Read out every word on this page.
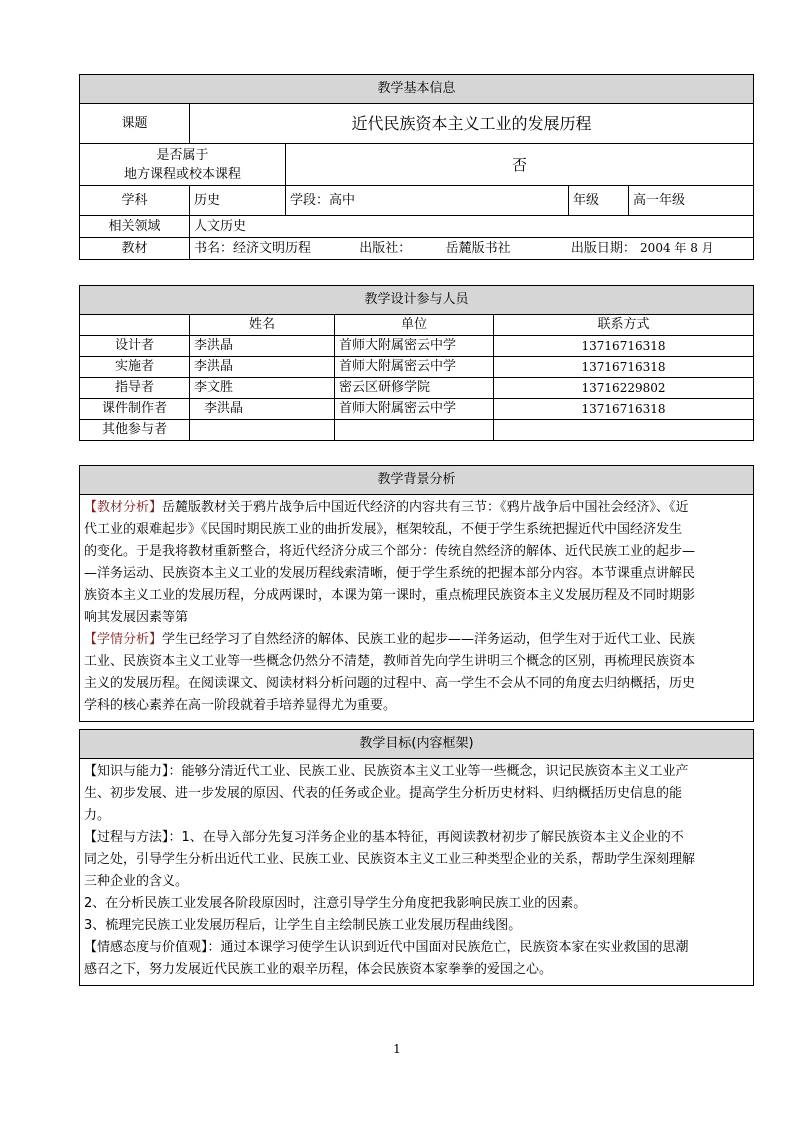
教学基本信息				
课题	近代民族资本主义工业的发展历程			

是否属于
地方课程或校本课程		否		
学科	历史	学段：高中	年级	高一年级
相关领域	人文历史			
教材	书名：经济文明历程 出版社： 岳麓版书社 出版日期： 2004 年 8 月			
教学设计参与人员			
	姓名	单位	联系方式
设计者	李洪晶	首师大附属密云中学	13716716318
实施者	李洪晶	首师大附属密云中学	13716716318
指导者	李文胜	密云区研修学院	13716229802
课件制作者	李洪晶	首师大附属密云中学	13716716318
其他参与者			
教学背景分析

【教材分析】岳麓版教材关于鸦片战争后中国近代经济的内容共有三节：《鸦片战争后中国社会经济》、《近
代工业的艰难起步》《民国时期民族工业的曲折发展》，框架较乱，不便于学生系统把握近代中国经济发生
的变化。于是我将教材重新整合，将近代经济分成三个部分：传统自然经济的解体、近代民族工业的起步—
—洋务运动、民族资本主义工业的发展历程线索清晰，便于学生系统的把握本部分内容。本节课重点讲解民
族资本主义工业的发展历程，分成两课时，本课为第一课时，重点梳理民族资本主义发展历程及不同时期影
响其发展因素等第
【学情分析】学生已经学习了自然经济的解体、民族工业的起步——洋务运动，但学生对于近代工业、民族
工业、民族资本主义工业等一些概念仍然分不清楚，教师首先向学生讲明三个概念的区别，再梳理民族资本
主义的发展历程。在阅读课文、阅读材料分析问题的过程中、高一学生不会从不同的角度去归纳概括，历史
学科的核心素养在高一阶段就着手培养显得尤为重要。
教学目标(内容框架)

【知识与能力】：能够分清近代工业、民族工业、民族资本主义工业等一些概念，识记民族资本主义工业产
生、初步发展、进一步发展的原因、代表的任务或企业。提高学生分析历史材料、归纳概括历史信息的能
力。
【过程与方法】：1、在导入部分先复习洋务企业的基本特征，再阅读教材初步了解民族资本主义企业的不
同之处，引导学生分析出近代工业、民族工业、民族资本主义工业三种类型企业的关系，帮助学生深刻理解
三种企业的含义。
2、在分析民族工业发展各阶段原因时，注意引导学生分角度把我影响民族工业的因素。
3、梳理完民族工业发展历程后，让学生自主绘制民族工业发展历程曲线图。
【情感态度与价值观】：通过本课学习使学生认识到近代中国面对民族危亡，民族资本家在实业救国的思潮
感召之下，努力发展近代民族工业的艰辛历程，体会民族资本家拳拳的爱国之心。
1
